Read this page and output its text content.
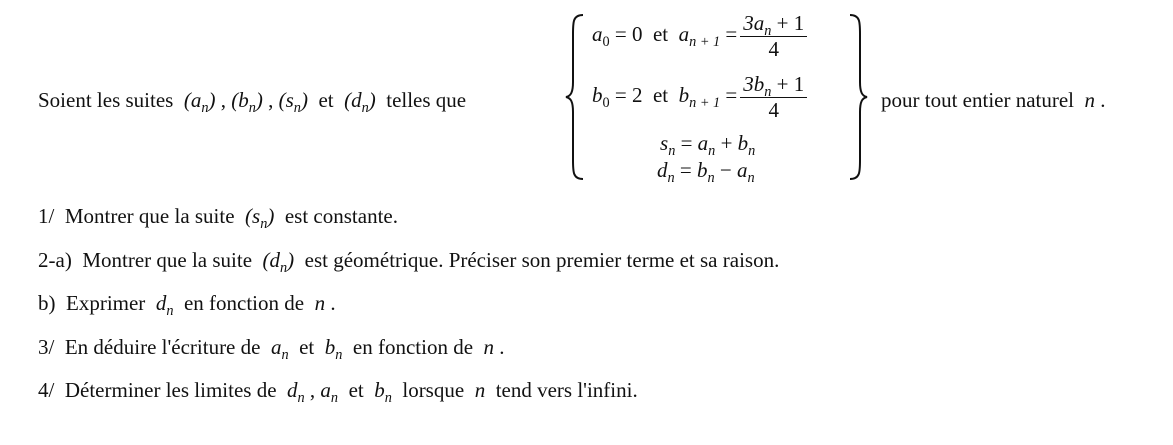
Soient les suites $(a_n)$ , $(b_n)$ , $(s_n)$ et $(d_n)$ telles que
$a_0 = 0$ et $a_{n + 1} = \frac{3a_n + 1}{4}$
$b_0 = 2$ et $b_{n + 1} = \frac{3b_n + 1}{4}$
$s_n = a_n + b_n$
$d_n = b_n - a_n$
pour tout entier naturel n .
1/ Montrer que la suite $(s_n)$ est constante.
2-a) Montrer que la suite $(d_n)$ est géométrique. Préciser son premier terme et sa raison.
b) Exprimer $d_n$ en fonction de n .
3/ En déduire l'écriture de $a_n$ et $b_n$ en fonction de n .
4/ Déterminer les limites de $d_n$ , $a_n$ et $b_n$ lorsque n tend vers l'infini.
